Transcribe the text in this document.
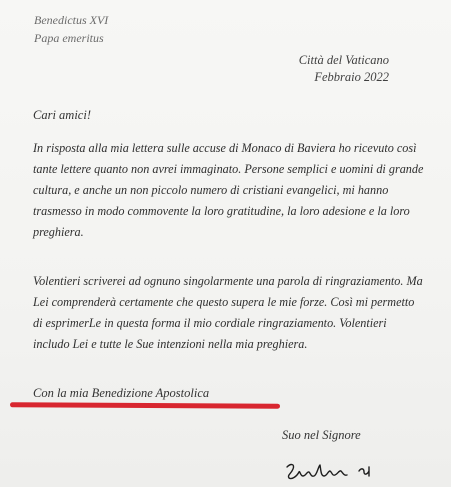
Benedictus XVI
Papa emeritus
Città del Vaticano
Febbraio 2022
Cari amici!
In risposta alla mia lettera sulle accuse di Monaco di Baviera ho ricevuto così tante lettere quanto non avrei immaginato. Persone semplici e uomini di grande cultura, e anche un non piccolo numero di cristiani evangelici, mi hanno trasmesso in modo commovente la loro gratitudine, la loro adesione e la loro preghiera.
Volentieri scriverei ad ognuno singolarmente una parola di ringraziamento. Ma Lei comprenderà certamente che questo supera le mie forze. Così mi permetto di esprimerLe in questa forma il mio cordiale ringraziamento. Volentieri includo Lei e tutte le Sue intenzioni nella mia preghiera.
Con la mia Benedizione Apostolica
Suo nel Signore
